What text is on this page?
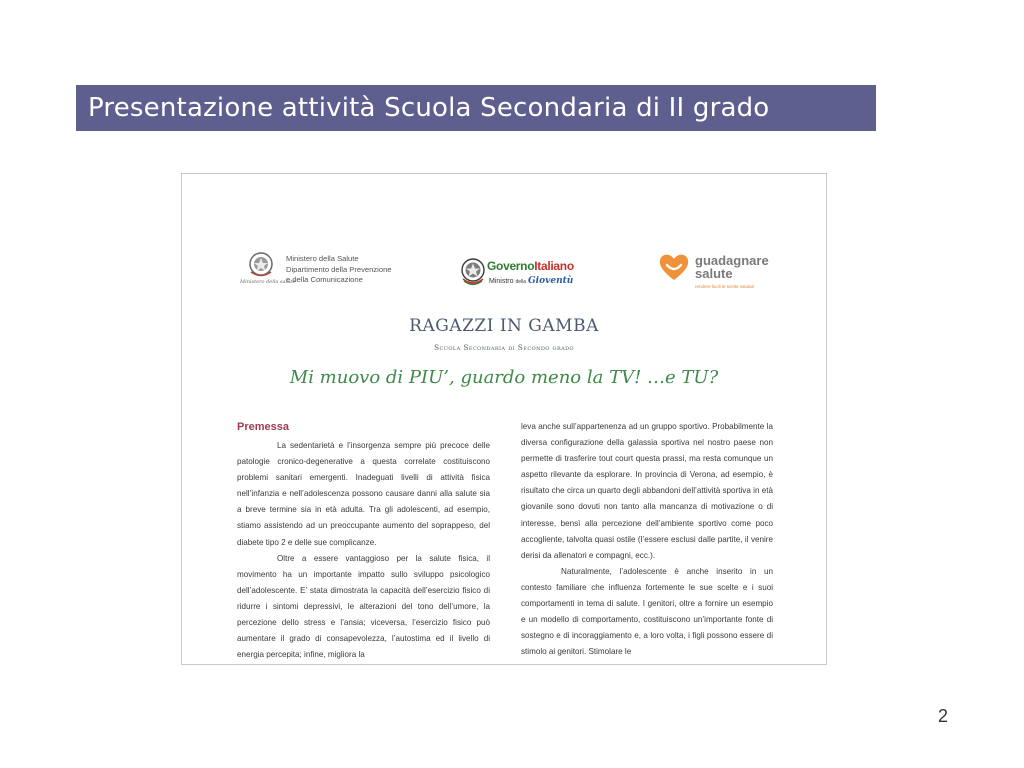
Presentazione attività Scuola Secondaria di II grado
Ministero della Salute
Dipartimento della Prevenzione
e della Comunicazione
Ministero della salute
GovernoItaliano
Ministro della Gioventù
guadagnare
salute
rendere facili le scelte salutari
RAGAZZI IN GAMBA
Scuola Secondaria di Secondo grado
Mi muovo di PIU’, guardo meno la TV! …e TU?
Premessa

La sedentarietà e l’insorgenza sempre più precoce delle patologie cronico-degenerative a questa correlate costituiscono problemi sanitari emergenti. Inadeguati livelli di attività fisica nell’infanzia e nell’adolescenza possono causare danni alla salute sia a breve termine sia in età adulta. Tra gli adolescenti, ad esempio, stiamo assistendo ad un preoccupante aumento del soprappeso, del diabete tipo 2 e delle sue complicanze.

Oltre a essere vantaggioso per la salute fisica, il movimento ha un importante impatto sullo sviluppo psicologico dell’adolescente. E’ stata dimostrata la capacità dell’esercizio fisico di ridurre i sintomi depressivi, le alterazioni del tono dell’umore, la percezione dello stress e l’ansia; viceversa, l’esercizio fisico può aumentare il grado di consapevolezza, l’autostima ed il livello di energia percepita; infine, migliora la

leva anche sull’appartenenza ad un gruppo sportivo. Probabilmente la diversa configurazione della galassia sportiva nel nostro paese non permette di trasferire tout court questa prassi, ma resta comunque un aspetto rilevante da esplorare. In provincia di Verona, ad esempio, è risultato che circa un quarto degli abbandoni dell’attività sportiva in età giovanile sono dovuti non tanto alla mancanza di motivazione o di interesse, bensì alla percezione dell’ambiente sportivo come poco accogliente, talvolta quasi ostile (l’essere esclusi dalle partite, il venire derisi da allenatori e compagni, ecc.).

Naturalmente, l’adolescente è anche inserito in un contesto familiare che influenza fortemente le sue scelte e i suoi comportamenti in tema di salute. I genitori, oltre a fornire un esempio e un modello di comportamento, costituiscono un’importante fonte di sostegno e di incoraggiamento e, a loro volta, i figli possono essere di stimolo ai genitori. Stimolare le

2
